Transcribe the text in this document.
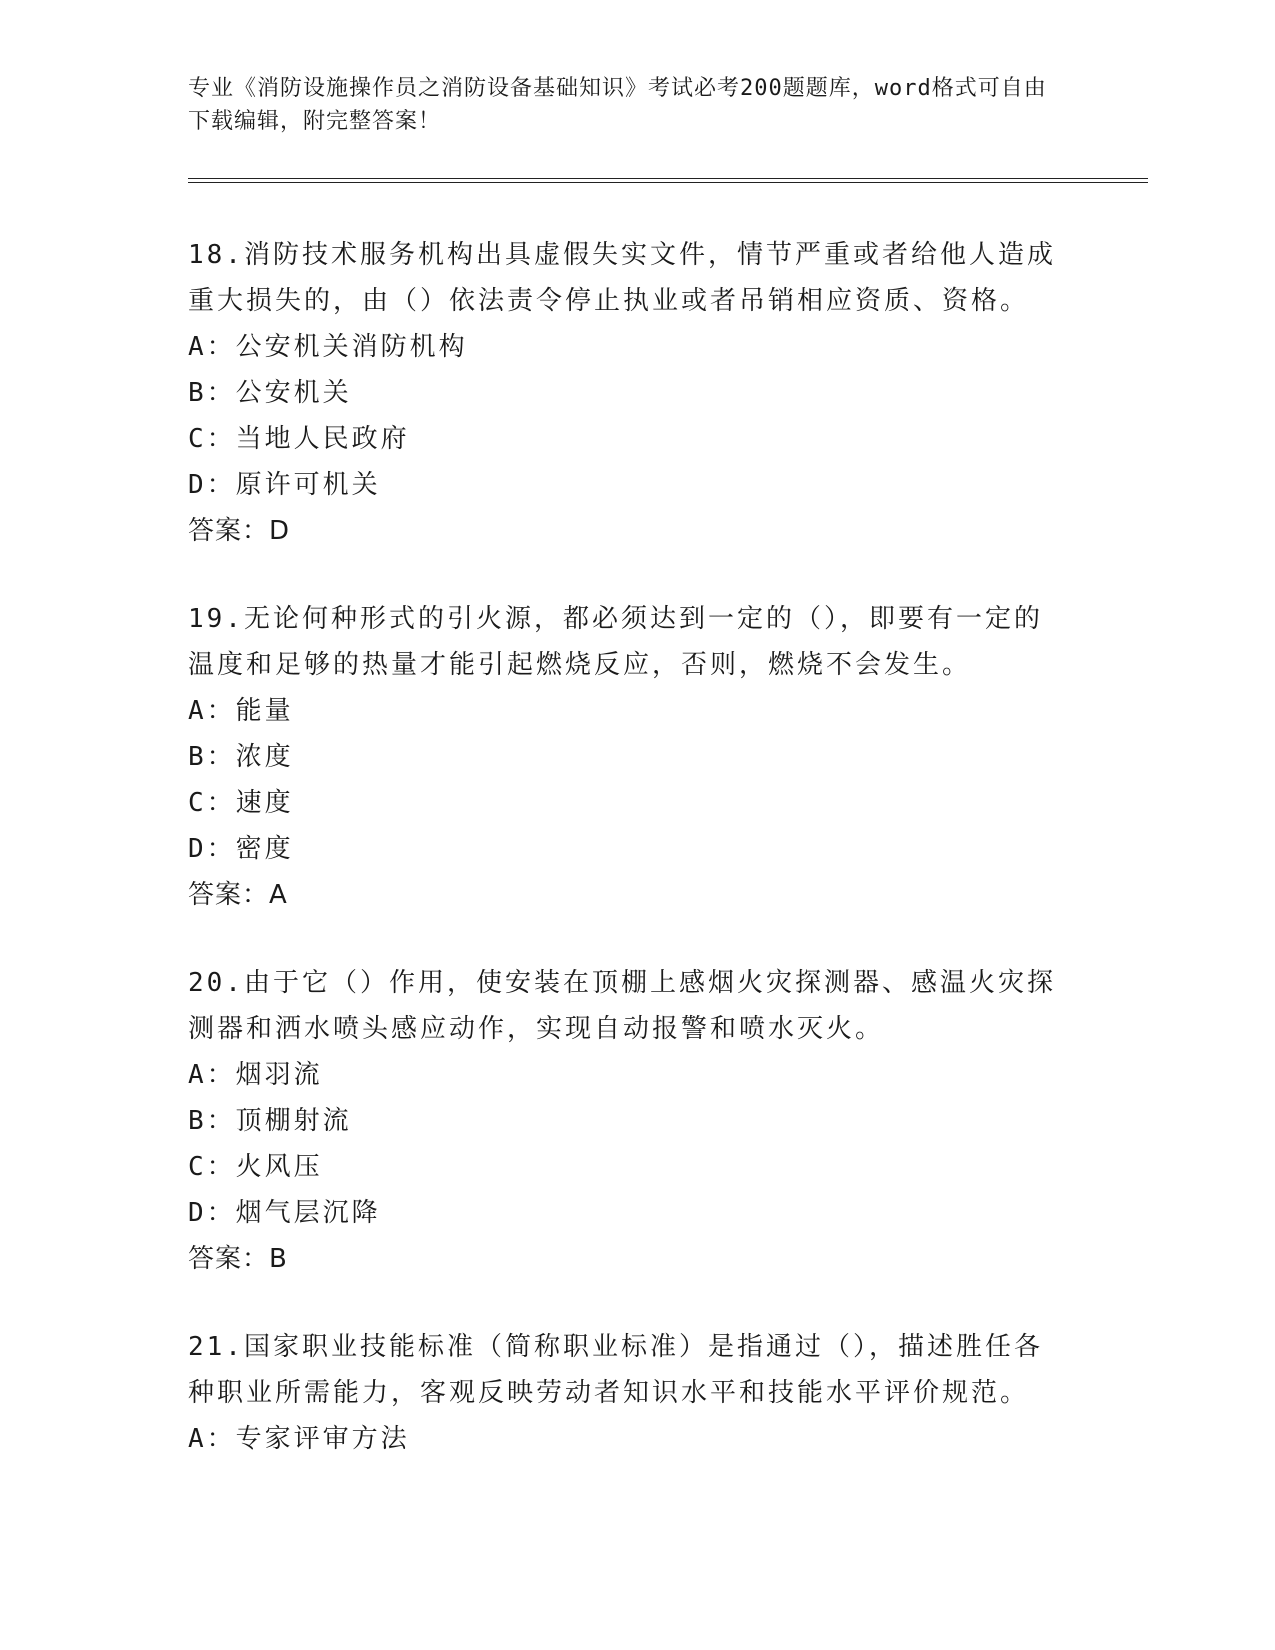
专业《消防设施操作员之消防设备基础知识》考试必考200题题库，word格式可自由下载编辑，附完整答案！

18.消防技术服务机构出具虚假失实文件，情节严重或者给他人造成重大损失的，由（）依法责令停止执业或者吊销相应资质、资格。

A：公安机关消防机构

B：公安机关

C：当地人民政府

D：原许可机关

答案：D

19.无论何种形式的引火源，都必须达到一定的（），即要有一定的温度和足够的热量才能引起燃烧反应，否则，燃烧不会发生。

A：能量

B：浓度

C：速度

D：密度

答案：A

20.由于它（）作用，使安装在顶棚上感烟火灾探测器、感温火灾探测器和洒水喷头感应动作，实现自动报警和喷水灭火。

A：烟羽流

B：顶棚射流

C：火风压

D：烟气层沉降

答案：B

21.国家职业技能标准（简称职业标准）是指通过（），描述胜任各种职业所需能力，客观反映劳动者知识水平和技能水平评价规范。

A：专家评审方法
